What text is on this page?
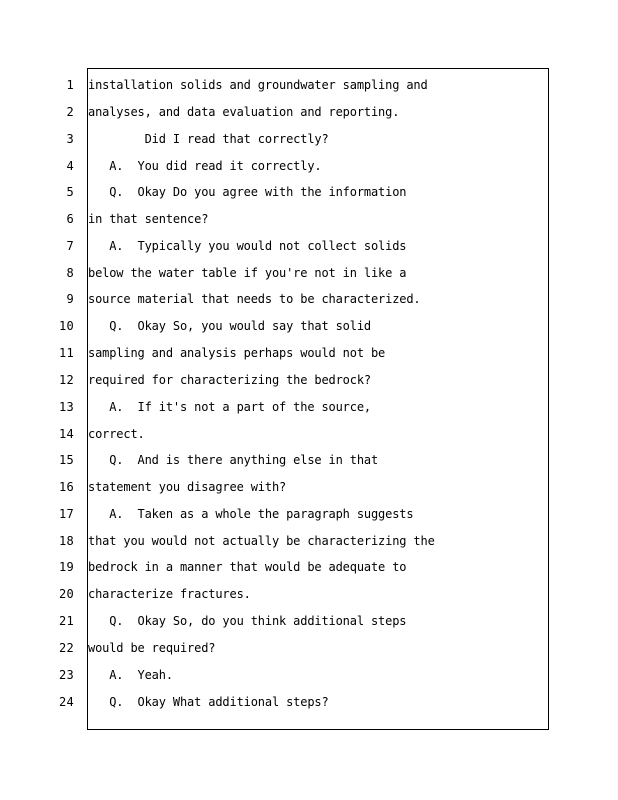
1 installation solids and groundwater sampling and
2 analyses, and data evaluation and reporting.
3 Did I read that correctly?
4 A.  You did read it correctly.
5 Q.  Okay Do you agree with the information
6 in that sentence?
7 A.  Typically you would not collect solids
8 below the water table if you're not in like a
9 source material that needs to be characterized.
10 Q.  Okay So, you would say that solid
11 sampling and analysis perhaps would not be
12 required for characterizing the bedrock?
13 A.  If it's not a part of the source,
14 correct.
15 Q.  And is there anything else in that
16 statement you disagree with?
17 A.  Taken as a whole the paragraph suggests
18 that you would not actually be characterizing the
19 bedrock in a manner that would be adequate to
20 characterize fractures.
21 Q.  Okay So, do you think additional steps
22 would be required?
23 A.  Yeah.
24 Q.  Okay What additional steps?
